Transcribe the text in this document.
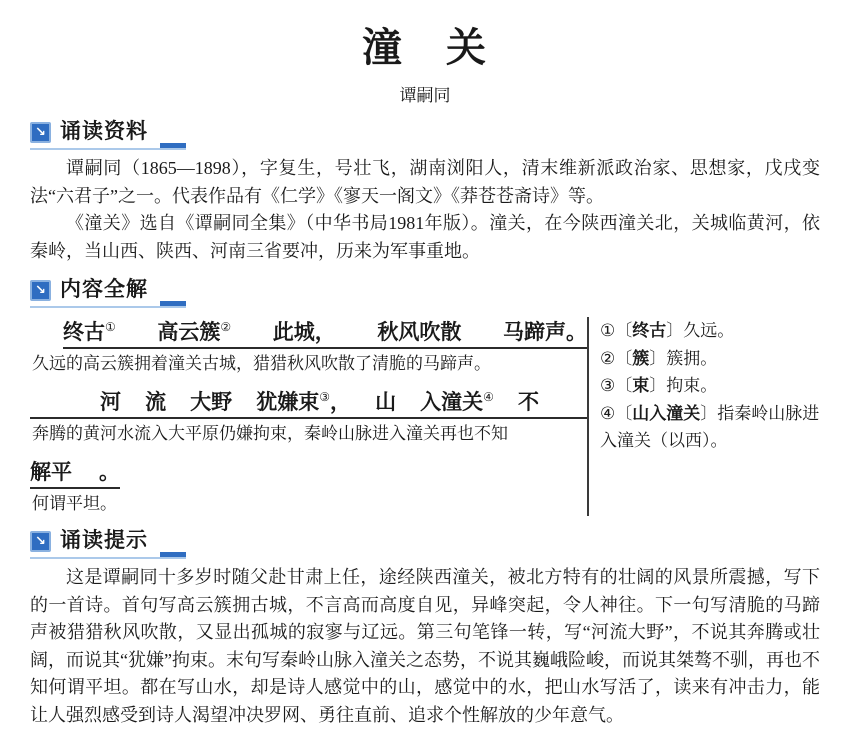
潼　关
谭嗣同
↘ 诵读资料

谭嗣同（1865—1898），字复生，号壮飞，湖南浏阳人，清末维新派政治家、思想家，戊戌变法“六君子”之一。代表作品有《仁学》《寥天一阁文》《莽苍苍斋诗》等。

《潼关》选自《谭嗣同全集》（中华书局1981年版）。潼关，在今陕西潼关北，关城临黄河，依秦岭，当山西、陕西、河南三省要冲，历来为军事重地。

↘ 内容全解
终古① 高云簇② 此城， 秋风吹散 马蹄声。
久远的高云簇拥着潼关古城，猎猎秋风吹散了清脆的马蹄声。
河 流 大野 犹嫌束③， 山 入潼关④ 不
奔腾的黄河水流入大平原仍嫌拘束，秦岭山脉进入潼关再也不知
解平 。
何谓平坦。

①〔终古〕久远。

②〔簇〕簇拥。

③〔束〕拘束。

④〔山入潼关〕指秦岭山脉进入潼关（以西）。

↘ 诵读提示

这是谭嗣同十多岁时随父赴甘肃上任，途经陕西潼关，被北方特有的壮阔的风景所震撼，写下的一首诗。首句写高云簇拥古城，不言高而高度自见，异峰突起，令人神往。下一句写清脆的马蹄声被猎猎秋风吹散，又显出孤城的寂寥与辽远。第三句笔锋一转，写“河流大野”，不说其奔腾或壮阔，而说其“犹嫌”拘束。末句写秦岭山脉入潼关之态势，不说其巍峨险峻，而说其桀骜不驯，再也不知何谓平坦。都在写山水，却是诗人感觉中的山，感觉中的水，把山水写活了，读来有冲击力，能让人强烈感受到诗人渴望冲决罗网、勇往直前、追求个性解放的少年意气。
